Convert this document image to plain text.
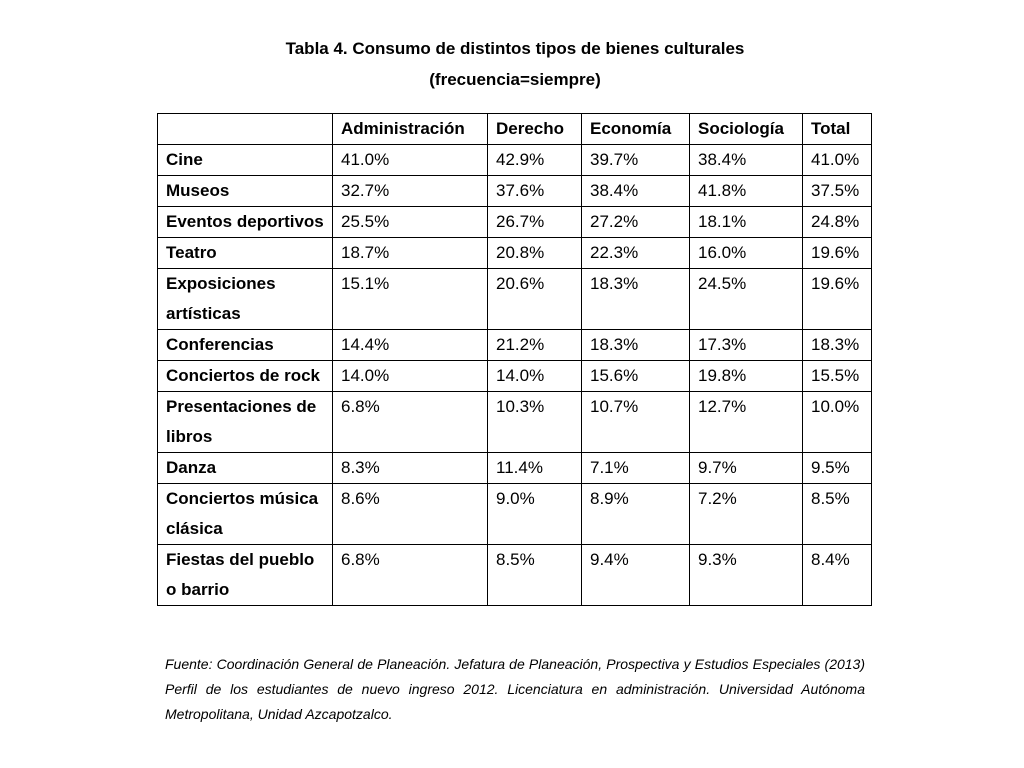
Tabla 4. Consumo de distintos tipos de bienes culturales
(frecuencia=siempre)
	Administración	Derecho	Economía	Sociología	Total
Cine	41.0%	42.9%	39.7%	38.4%	41.0%
Museos	32.7%	37.6%	38.4%	41.8%	37.5%
Eventos deportivos	25.5%	26.7%	27.2%	18.1%	24.8%
Teatro	18.7%	20.8%	22.3%	16.0%	19.6%
Exposiciones artísticas	15.1%	20.6%	18.3%	24.5%	19.6%
Conferencias	14.4%	21.2%	18.3%	17.3%	18.3%
Conciertos de rock	14.0%	14.0%	15.6%	19.8%	15.5%
Presentaciones de libros	6.8%	10.3%	10.7%	12.7%	10.0%
Danza	8.3%	11.4%	7.1%	9.7%	9.5%
Conciertos música clásica	8.6%	9.0%	8.9%	7.2%	8.5%
Fiestas del pueblo o barrio	6.8%	8.5%	9.4%	9.3%	8.4%
Fuente: Coordinación General de Planeación. Jefatura de Planeación, Prospectiva y Estudios Especiales (2013) Perfil de los estudiantes de nuevo ingreso 2012. Licenciatura en administración. Universidad Autónoma Metropolitana, Unidad Azcapotzalco.
